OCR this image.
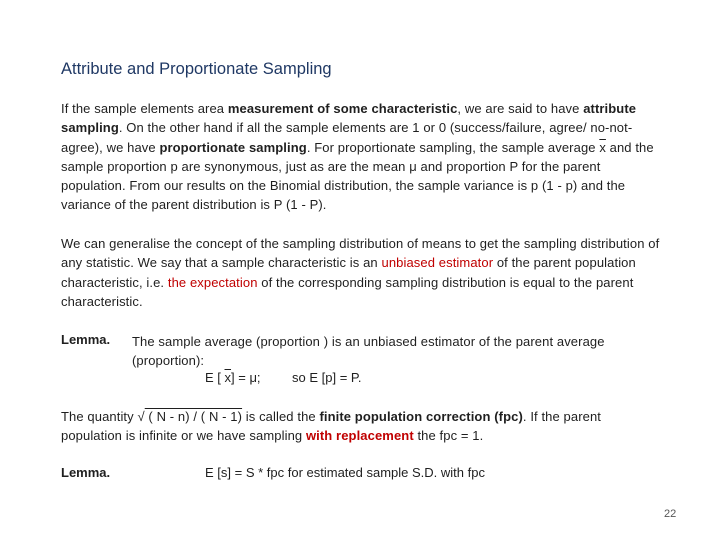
Attribute and Proportionate Sampling
If the sample elements area measurement of some characteristic, we are said to have attribute sampling. On the other hand if all the sample elements are 1 or 0 (success/failure, agree/ no-not-agree), we have proportionate sampling. For proportionate sampling, the sample average $\overline{x}$ and the sample proportion p are synonymous, just as are the mean μ and proportion P for the parent population. From our results on the Binomial distribution, the sample variance is p (1 - p) and the variance of the parent distribution is P (1 - P).
We can generalise the concept of the sampling distribution of means to get the sampling distribution of any statistic. We say that a sample characteristic is an unbiased estimator of the parent population characteristic, i.e. the expectation of the corresponding sampling distribution is equal to the parent characteristic.
Lemma. The sample average (proportion ) is an unbiased estimator of the parent average (proportion):
E [ $\overline{x}] = \mu$; so E [p] = P.
The quantity √ ( N - n) / ( N - 1) is called the finite population correction (fpc). If the parent population is infinite or we have sampling with replacement the fpc = 1.
Lemma.	E [s] = S * fpc for estimated sample S.D. with fpc
22
